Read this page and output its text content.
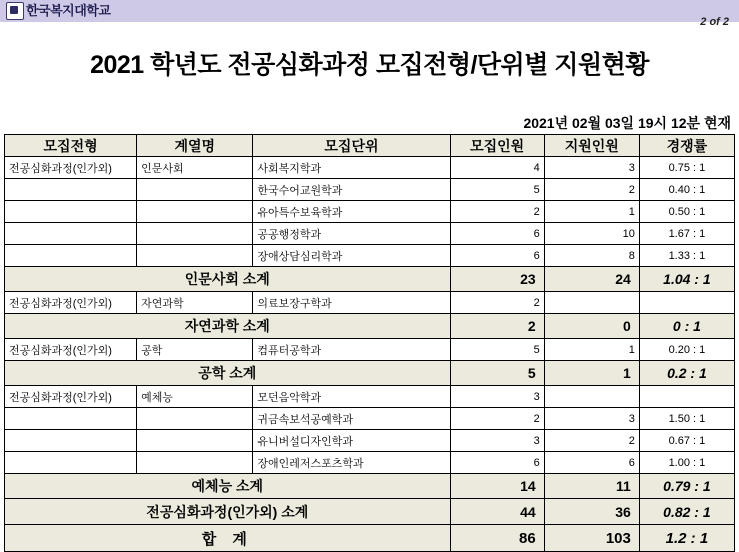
한국복지대학교
2 of 2
2021 학년도 전공심화과정 모집전형/단위별 지원현황
2021년 02월 03일 19시 12분 현재
모집전형	계열명	모집단위	모집인원	지원인원	경쟁률
전공심화과정(인가외)	인문사회	사회복지학과	4	3	0.75 : 1
		한국수어교원학과	5	2	0.40 : 1
		유아특수보육학과	2	1	0.50 : 1
		공공행정학과	6	10	1.67 : 1
		장애상담심리학과	6	8	1.33 : 1
인문사회 소계			23	24	1.04 : 1
전공심화과정(인가외)	자연과학	의료보장구학과	2		
자연과학 소계			2	0	0 : 1
전공심화과정(인가외)	공학	컴퓨터공학과	5	1	0.20 : 1
공학 소계			5	1	0.2 : 1
전공심화과정(인가외)	예체능	모던음악학과	3		
		귀금속보석공예학과	2	3	1.50 : 1
		유니버설디자인학과	3	2	0.67 : 1
		장애인레저스포츠학과	6	6	1.00 : 1
예체능 소계			14	11	0.79 : 1
전공심화과정(인가외) 소계			44	36	0.82 : 1
합 계			86	103	1.2 : 1
